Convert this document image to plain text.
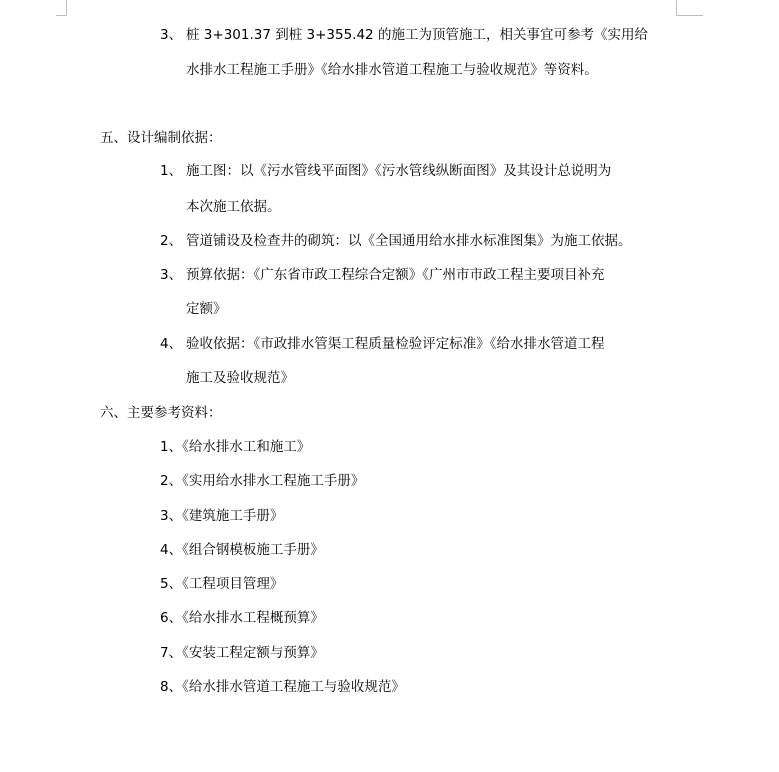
3、 桩 3+301.37 到桩 3+355.42 的施工为顶管施工，相关事宜可参考《实用给
水排水工程施工手册》《给水排水管道工程施工与验收规范》等资料。
五、设计编制依据：
1、 施工图：以《污水管线平面图》《污水管线纵断面图》及其设计总说明为
本次施工依据。
2、 管道铺设及检查井的砌筑：以《全国通用给水排水标准图集》为施工依据。
3、 预算依据：《广东省市政工程综合定额》《广州市市政工程主要项目补充
定额》
4、 验收依据：《市政排水管渠工程质量检验评定标准》《给水排水管道工程
施工及验收规范》
六、主要参考资料：
1、《给水排水工和施工》
2、《实用给水排水工程施工手册》
3、《建筑施工手册》
4、《组合钢模板施工手册》
5、《工程项目管理》
6、《给水排水工程概预算》
7、《安装工程定额与预算》
8、《给水排水管道工程施工与验收规范》
